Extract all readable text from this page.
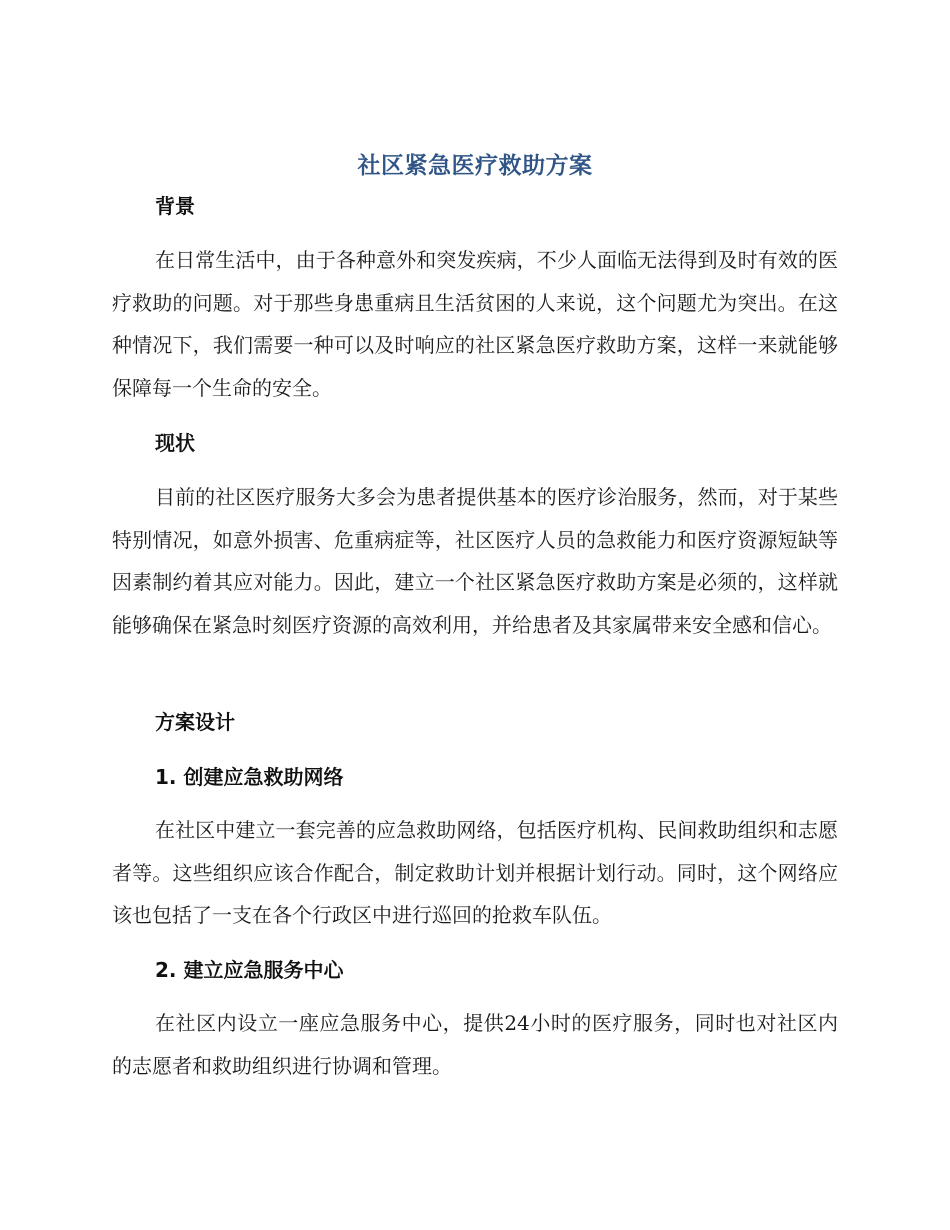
社区紧急医疗救助方案
背景
在日常生活中，由于各种意外和突发疾病，不少人面临无法得到及时有效的医疗救助的问题。对于那些身患重病且生活贫困的人来说，这个问题尤为突出。在这种情况下，我们需要一种可以及时响应的社区紧急医疗救助方案，这样一来就能够保障每一个生命的安全。
现状
目前的社区医疗服务大多会为患者提供基本的医疗诊治服务，然而，对于某些特别情况，如意外损害、危重病症等，社区医疗人员的急救能力和医疗资源短缺等因素制约着其应对能力。因此，建立一个社区紧急医疗救助方案是必须的，这样就能够确保在紧急时刻医疗资源的高效利用，并给患者及其家属带来安全感和信心。
方案设计
1. 创建应急救助网络
在社区中建立一套完善的应急救助网络，包括医疗机构、民间救助组织和志愿者等。这些组织应该合作配合，制定救助计划并根据计划行动。同时，这个网络应该也包括了一支在各个行政区中进行巡回的抢救车队伍。
2. 建立应急服务中心
在社区内设立一座应急服务中心，提供24小时的医疗服务，同时也对社区内的志愿者和救助组织进行协调和管理。
